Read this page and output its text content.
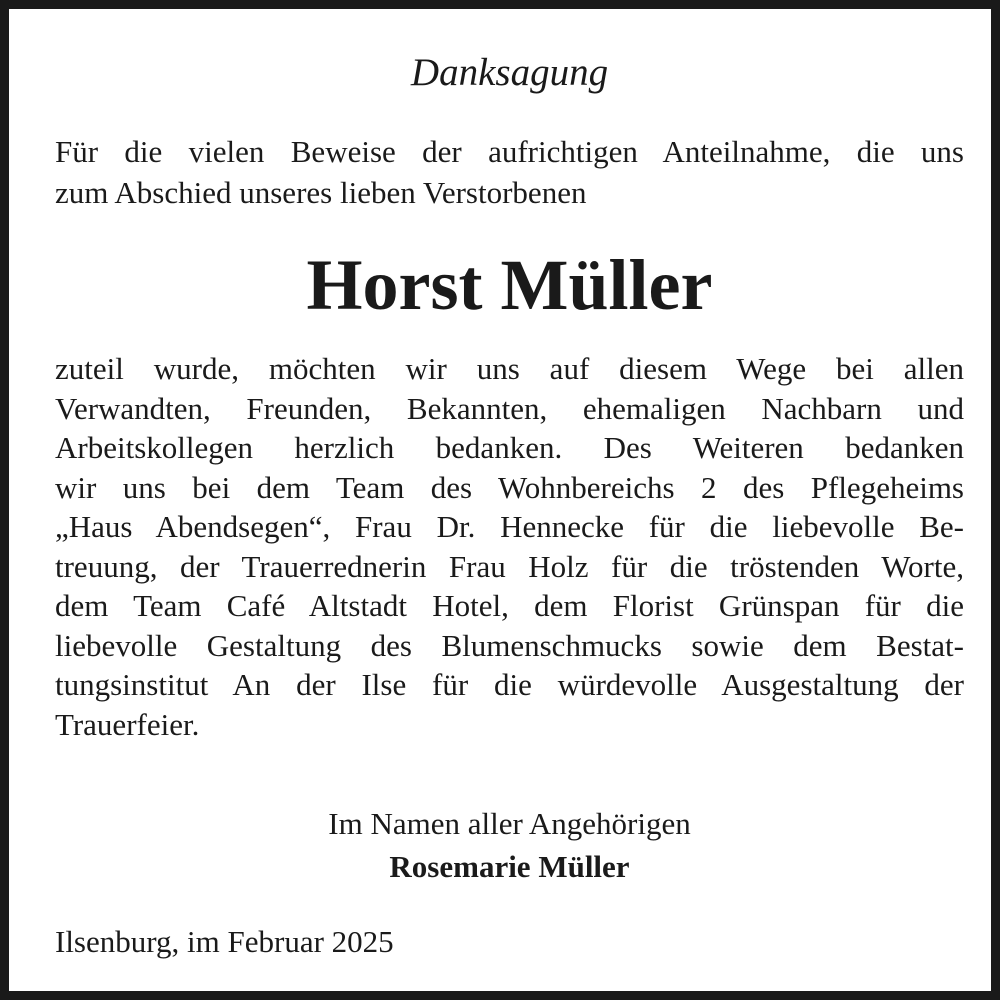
Danksagung
Für die vielen Beweise der aufrichtigen Anteilnahme, die uns
zum Abschied unseres lieben Verstorbenen
Horst Müller
zuteil wurde, möchten wir uns auf diesem Wege bei allen
Verwandten, Freunden, Bekannten, ehemaligen Nachbarn und
Arbeitskollegen herzlich bedanken. Des Weiteren bedanken
wir uns bei dem Team des Wohnbereichs 2 des Pflegeheims
„Haus Abendsegen“, Frau Dr. Hennecke für die liebevolle Be-
treuung, der Trauerrednerin Frau Holz für die tröstenden Worte,
dem Team Café Altstadt Hotel, dem Florist Grünspan für die
liebevolle Gestaltung des Blumenschmucks sowie dem Bestat-
tungsinstitut An der Ilse für die würdevolle Ausgestaltung der
Trauerfeier.
Im Namen aller Angehörigen
Rosemarie Müller
Ilsenburg, im Februar 2025
